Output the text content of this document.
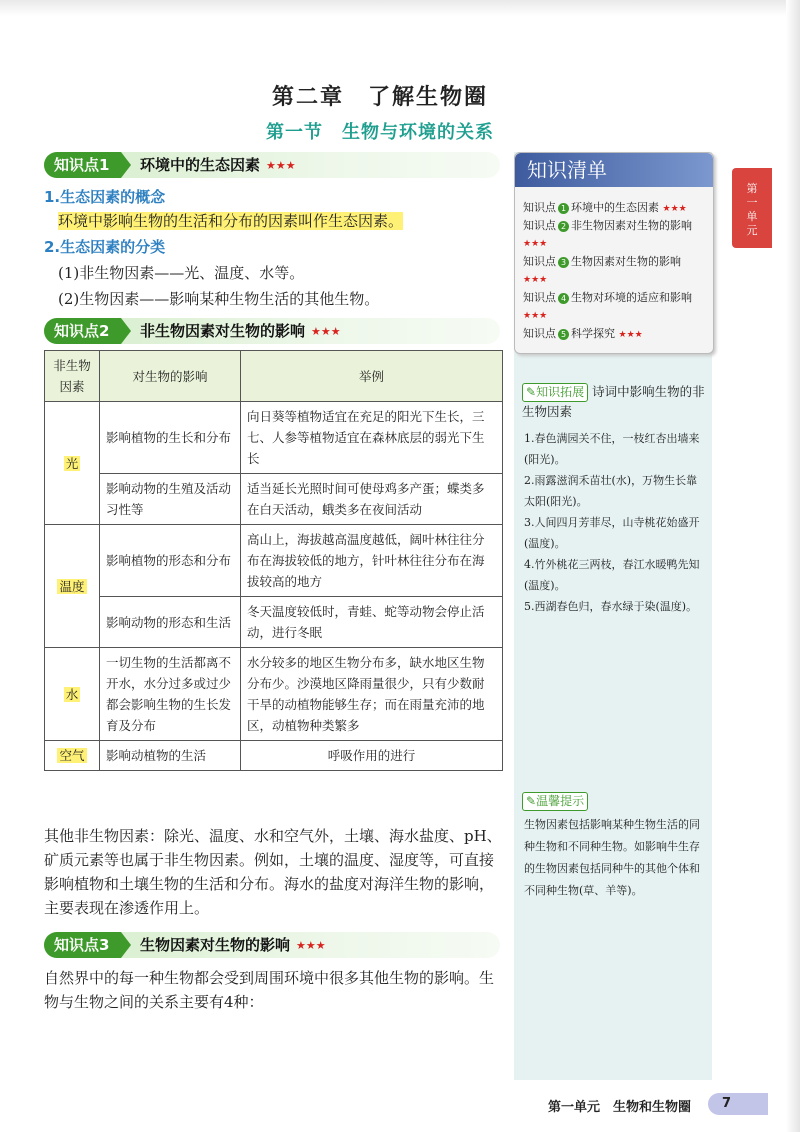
第二章　了解生物圈
第一节　生物与环境的关系
知识点1	环境中的生态因素 ★★★
1.生态因素的概念
环境中影响生物的生活和分布的因素叫作生态因素。
2.生态因素的分类
(1)非生物因素——光、温度、水等。
(2)生物因素——影响某种生物生活的其他生物。
知识点2	非生物因素对生物的影响 ★★★
非生物因素	对生物的影响	举例
光	影响植物的生长和分布	向日葵等植物适宜在充足的阳光下生长，三七、人参等植物适宜在森林底层的弱光下生长
	影响动物的生殖及活动习性等	适当延长光照时间可使母鸡多产蛋；蝶类多在白天活动，蛾类多在夜间活动
温度	影响植物的形态和分布	高山上，海拔越高温度越低，阔叶林往往分布在海拔较低的地方，针叶林往往分布在海拔较高的地方
	影响动物的形态和生活	冬天温度较低时，青蛙、蛇等动物会停止活动，进行冬眠
水	一切生物的生活都离不开水，水分过多或过少都会影响生物的生长发育及分布	水分较多的地区生物分布多，缺水地区生物分布少。沙漠地区降雨量很少，只有少数耐干旱的动植物能够生存；而在雨量充沛的地区，动植物种类繁多
空气	影响动植物的生活	呼吸作用的进行
其他非生物因素：除光、温度、水和空气外，土壤、海水盐度、pH、矿质元素等也属于非生物因素。例如，土壤的温度、湿度等，可直接影响植物和土壤生物的生活和分布。海水的盐度对海洋生物的影响，主要表现在渗透作用上。
知识点3	生物因素对生物的影响 ★★★
自然界中的每一种生物都会受到周围环境中很多其他生物的影响。生物与生物之间的关系主要有4种：
知识清单
知识点 1 环境中的生态因素 ★★★
知识点 2 非生物因素对生物的影响 ★★★
知识点 3 生物因素对生物的影响 ★★★
知识点 4 生物对环境的适应和影响 ★★★
知识点 5 科学探究 ★★★
✎知识拓展 诗词中影响生物的非生物因素
1.春色满园关不住，一枝红杏出墙来(阳光)。
2.雨露滋润禾苗壮(水)，万物生长靠太阳(阳光)。
3.人间四月芳菲尽，山寺桃花始盛开(温度)。
4.竹外桃花三两枝，春江水暖鸭先知(温度)。
5.西湖春色归，春水绿于染(温度)。
✎温馨提示
生物因素包括影响某种生物生活的同种生物和不同种生物。如影响牛生存的生物因素包括同种牛的其他个体和不同种生物(草、羊等)。
第一单元
第一单元　生物和生物圈	7
